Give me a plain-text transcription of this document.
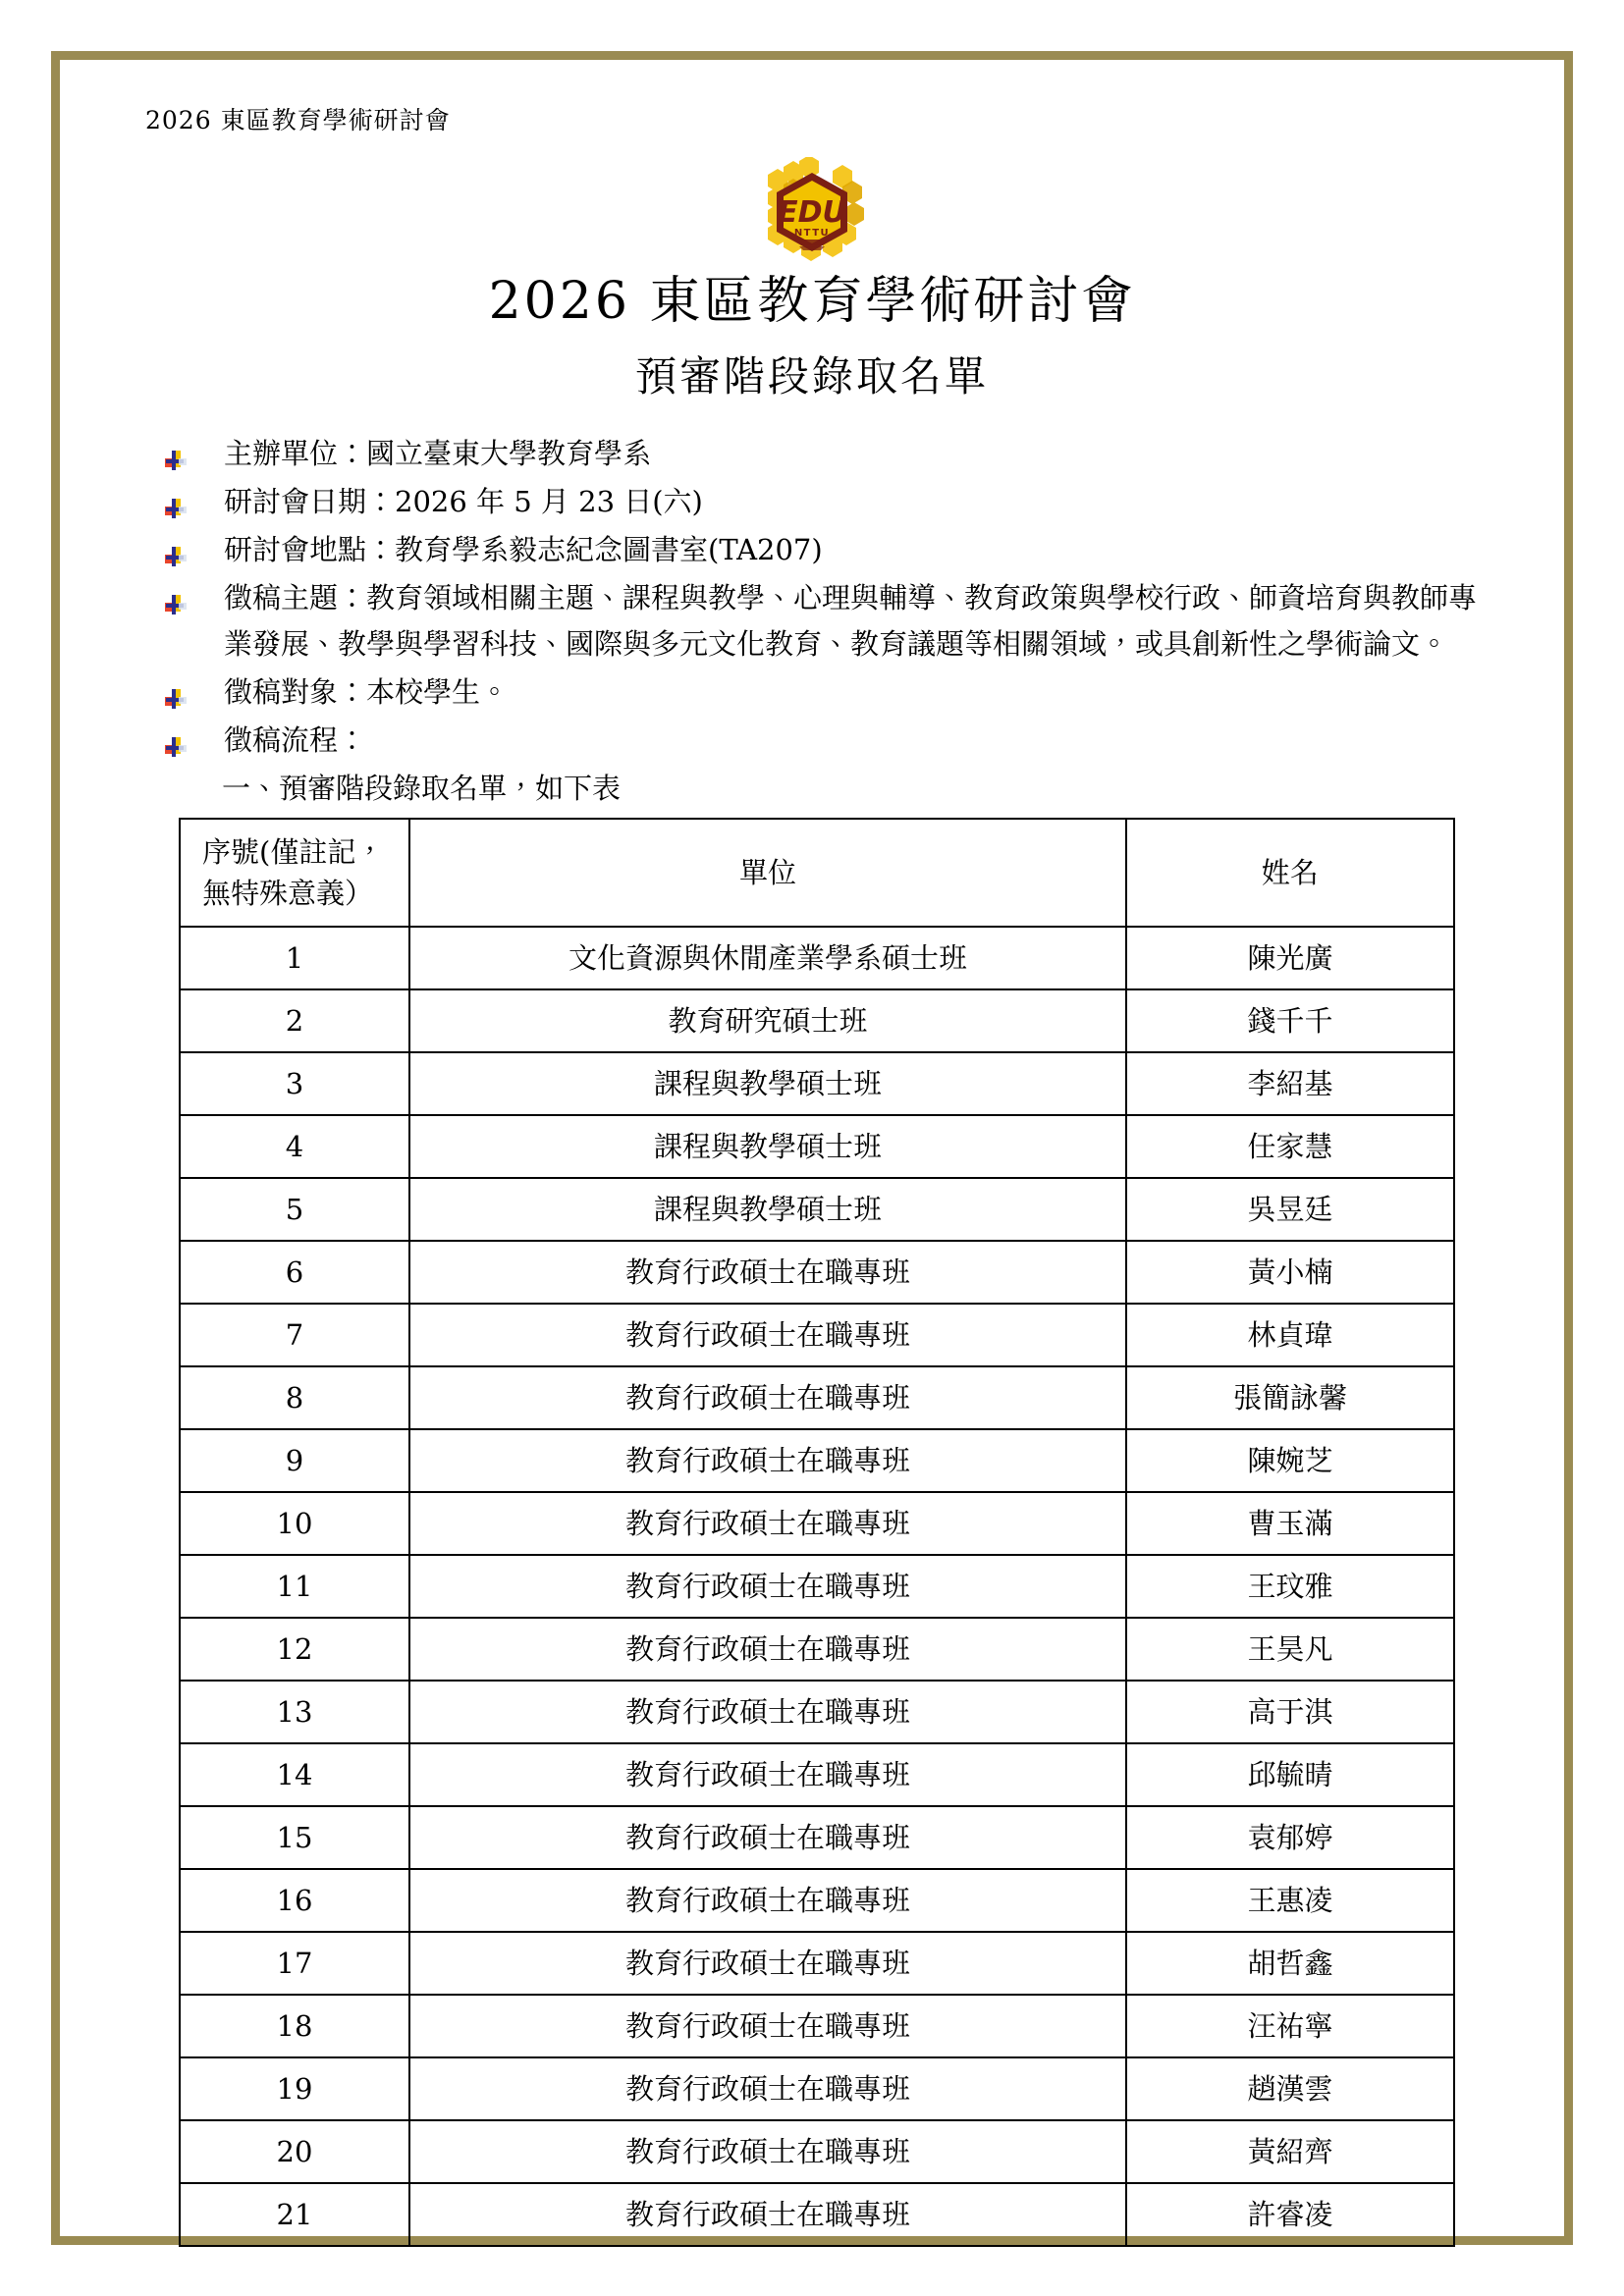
2026 東區教育學術研討會
EDU
NTTU
2026 東區教育學術研討會
預審階段錄取名單
主辦單位：國立臺東大學教育學系
研討會日期：2026 年 5 月 23 日(六)
研討會地點：教育學系毅志紀念圖書室(TA207)
徵稿主題：教育領域相關主題、課程與教學、心理與輔導、教育政策與學校行政、師資培育與教師專業發展、教學與學習科技、國際與多元文化教育、教育議題等相關領域，或具創新性之學術論文。
徵稿對象：本校學生。
徵稿流程：
一、預審階段錄取名單，如下表
序號(僅註記，
無特殊意義）	單位	姓名
1	文化資源與休閒產業學系碩士班	陳光廣
2	教育研究碩士班	錢千千
3	課程與教學碩士班	李紹基
4	課程與教學碩士班	任家慧
5	課程與教學碩士班	吳昱廷
6	教育行政碩士在職專班	黃小楠
7	教育行政碩士在職專班	林貞瑋
8	教育行政碩士在職專班	張簡詠馨
9	教育行政碩士在職專班	陳婉芝
10	教育行政碩士在職專班	曹玉滿
11	教育行政碩士在職專班	王玟雅
12	教育行政碩士在職專班	王昊凡
13	教育行政碩士在職專班	高于淇
14	教育行政碩士在職專班	邱毓晴
15	教育行政碩士在職專班	袁郁婷
16	教育行政碩士在職專班	王惠凌
17	教育行政碩士在職專班	胡哲鑫
18	教育行政碩士在職專班	汪祐寧
19	教育行政碩士在職專班	趙漢雲
20	教育行政碩士在職專班	黃紹齊
21	教育行政碩士在職專班	許睿凌
